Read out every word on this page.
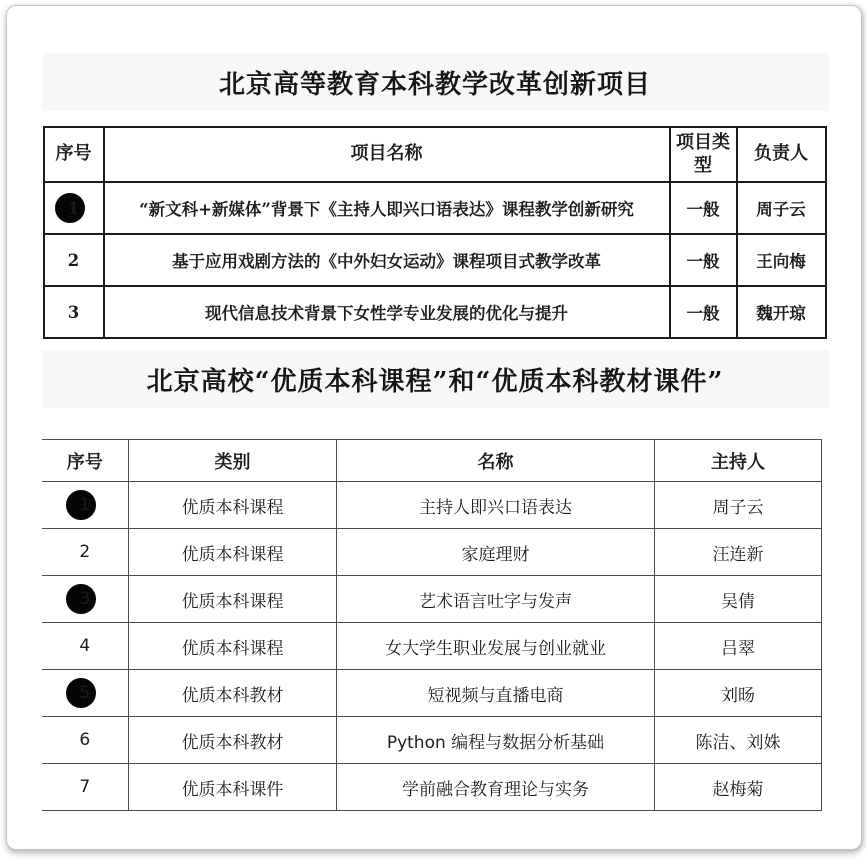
北京高等教育本科教学改革创新项目
序号	项目名称	项目类型	负责人

1	“新文科+新媒体”背景下《主持人即兴口语表达》课程教学创新研究	一般	周子云
2	基于应用戏剧方法的《中外妇女运动》课程项目式教学改革	一般	王向梅
3	现代信息技术背景下女性学专业发展的优化与提升	一般	魏开琼
北京高校“优质本科课程”和“优质本科教材课件”
序号	类别	名称	主持人

1	优质本科课程	主持人即兴口语表达	周子云
2	优质本科课程	家庭理财	汪连新

3	优质本科课程	艺术语言吐字与发声	吴倩
4	优质本科课程	女大学生职业发展与创业就业	吕翠

5	优质本科教材	短视频与直播电商	刘旸
6	优质本科教材	Python 编程与数据分析基础	陈洁、刘姝
7	优质本科课件	学前融合教育理论与实务	赵梅菊
